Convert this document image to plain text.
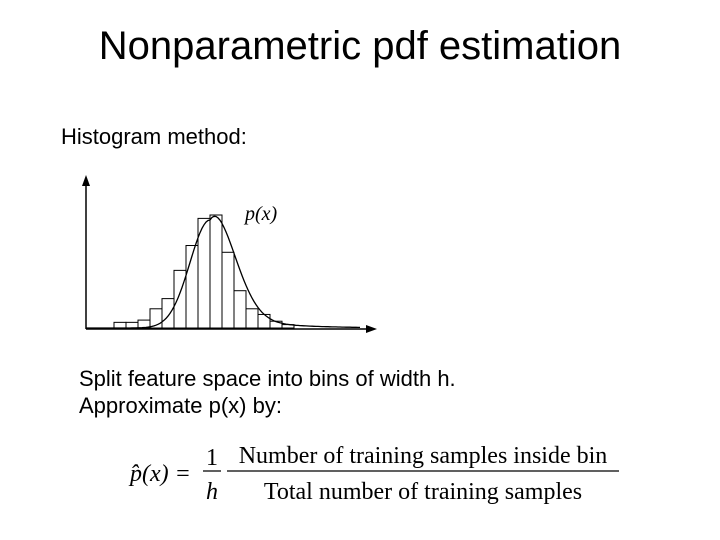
Nonparametric pdf estimation
Histogram method:
p(x)
Split feature space into bins of width h.
Approximate p(x) by:
p̂(x) =
1
h
Number of training samples inside bin
Total number of training samples
